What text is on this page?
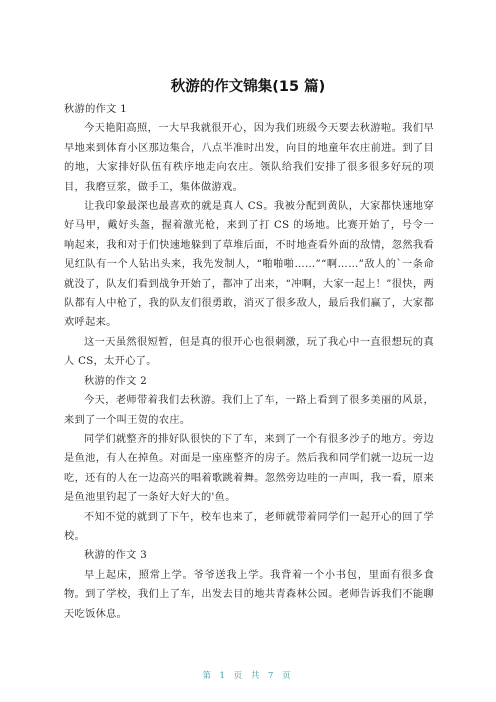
秋游的作文锦集(15 篇)

秋游的作文 1

今天艳阳高照，一大早我就很开心，因为我们班级今天要去秋游啦。我们早早地来到体育小区那边集合，八点半准时出发，向目的地童年农庄前进。到了目的地，大家排好队伍有秩序地走向农庄。领队给我们安排了很多很多好玩的项目，我磨豆浆，做手工，集体做游戏。

让我印象最深也最喜欢的就是真人 CS。我被分配到黄队，大家都快速地穿好马甲，戴好头盔，握着激光枪，来到了打 CS 的场地。比赛开始了，号令一响起来，我和对于们快速地躲到了草堆后面，不时地查看外面的敌情，忽然我看见红队有一个人钻出头来，我先发制人，“啪啪啪……”“啊……”敌人的`一条命就没了，队友们看到战争开始了，都冲了出来，“冲啊，大家一起上！”很快，两队都有人中枪了，我的队友们很勇敢，消灭了很多敌人，最后我们赢了，大家都欢呼起来。

这一天虽然很短暂，但是真的很开心也很刺激，玩了我心中一直很想玩的真人 CS，太开心了。

秋游的作文 2

今天，老师带着我们去秋游。我们上了车，一路上看到了很多美丽的风景，来到了一个叫王贺的农庄。

同学们就整齐的排好队很快的下了车，来到了一个有很多沙子的地方。旁边是鱼池，有人在掉鱼。对面是一座座整齐的房子。然后我和同学们就一边玩一边吃，还有的人在一边高兴的唱着歌跳着舞。忽然旁边哇的一声叫，我一看，原来是鱼池里钓起了一条好大好大的'鱼。

不知不觉的就到了下午，校车也来了，老师就带着同学们一起开心的回了学校。

秋游的作文 3

早上起床，照常上学。爷爷送我上学。我背着一个小书包，里面有很多食物。到了学校，我们上了车，出发去目的地共青森林公园。老师告诉我们不能聊天吃饭休息。

第 1 页 共 7 页
